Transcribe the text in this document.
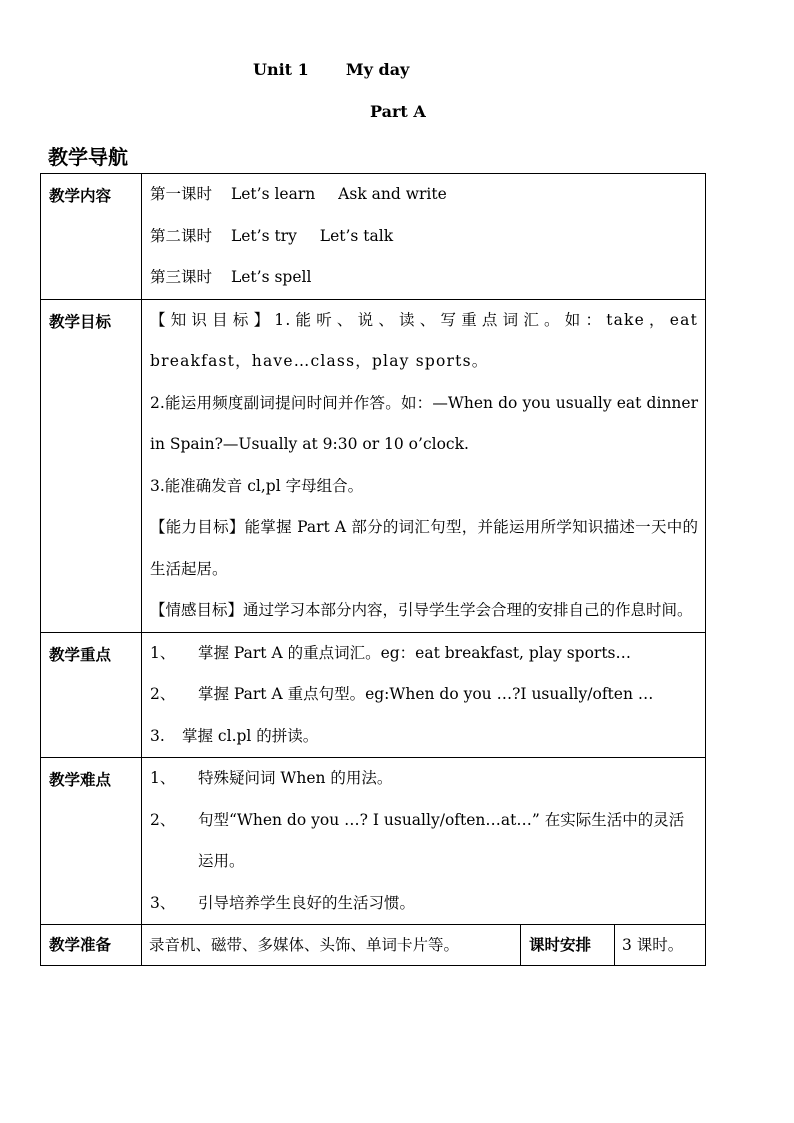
Unit 1 My day
Part A
教学导航
教学内容	第一课时 Let’s learn Ask and write
第二课时 Let’s try Let’s talk
第三课时 Let’s spell		

教学目标	【知识目标】1.能听、说、读、写重点词汇。如：take，eat breakfast，have…class，play sports。
2.能运用频度副词提问时间并作答。如：—When do you usually eat dinner in Spain?—Usually at 9:30 or 10 o’clock.
3.能准确发音 cl,pl 字母组合。
【能力目标】能掌握 Part A 部分的词汇句型，并能运用所学知识描述一天中的生活起居。
【情感目标】通过学习本部分内容，引导学生学会合理的安排自己的作息时间。		

教学重点	1、 掌握 Part A 的重点词汇。eg：eat breakfast, play sports…
2、 掌握 Part A 重点句型。eg:When do you …?I usually/often …
3. 掌握 cl.pl 的拼读。		

教学难点	1、 特殊疑问词 When 的用法。
2、 句型“When do you …? I usually/often…at…” 在实际生活中的灵活运用。
3、 引导培养学生良好的生活习惯。		

教学准备	录音机、磁带、多媒体、头饰、单词卡片等。	课时安排	3 课时。
